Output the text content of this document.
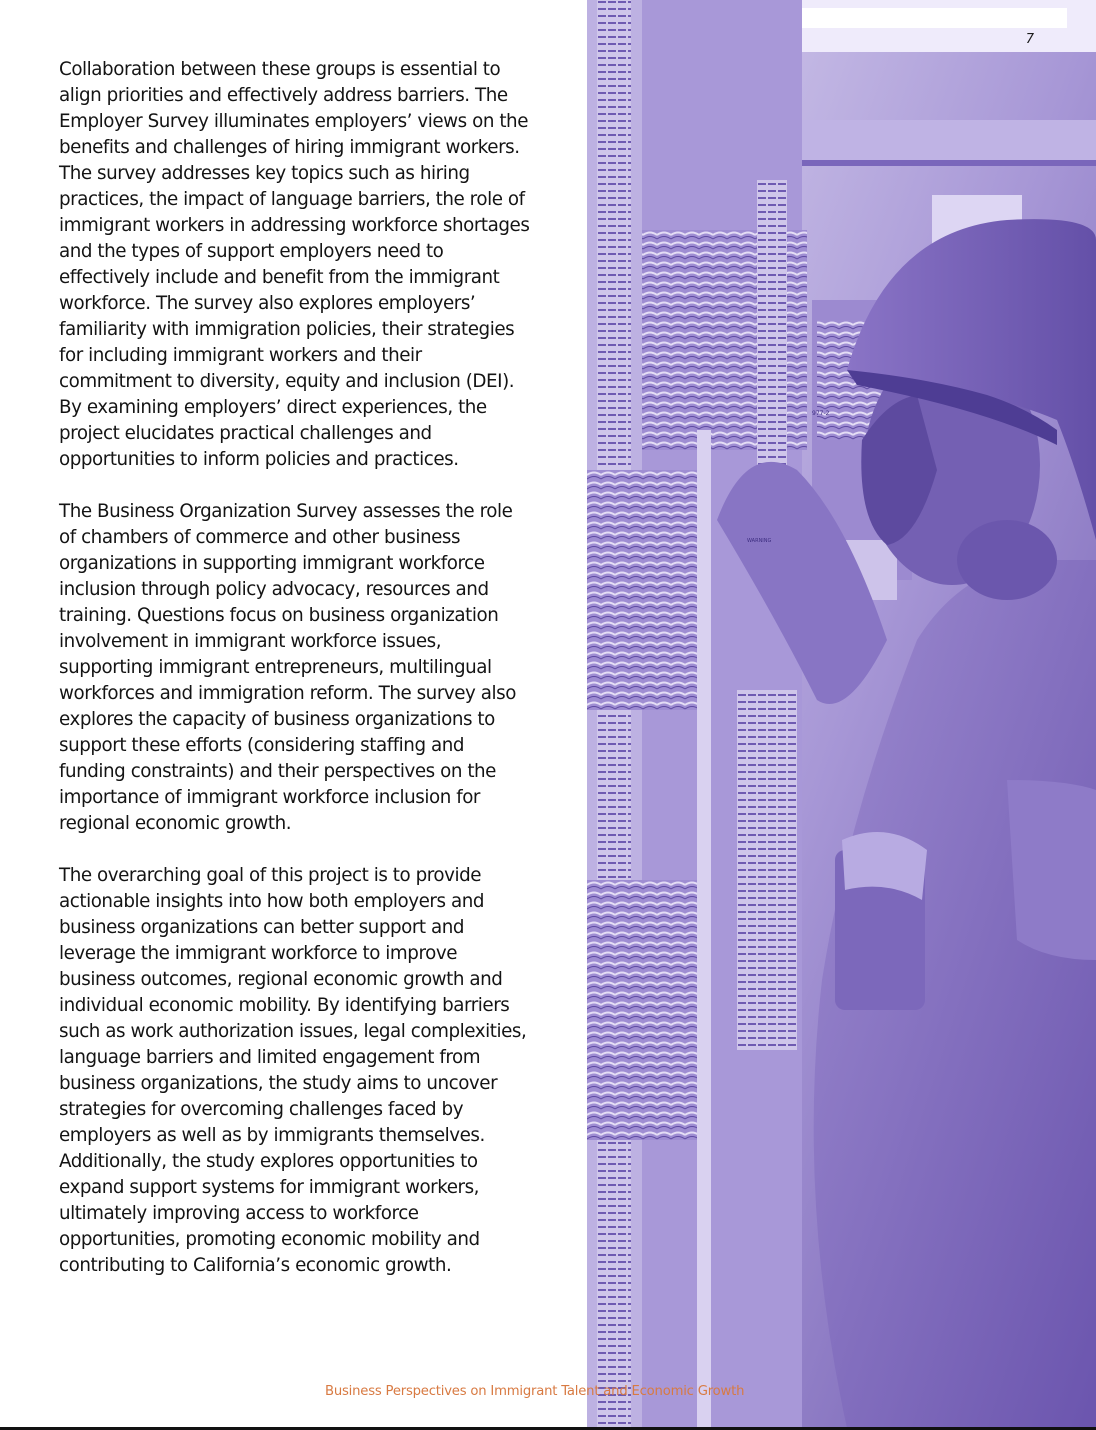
Collaboration between these groups is essential to align priorities and effectively address barriers. The Employer Survey illuminates employers’ views on the benefits and challenges of hiring immigrant workers. The survey addresses key topics such as hiring practices, the impact of language barriers, the role of immigrant workers in addressing workforce shortages and the types of support employers need to effectively include and benefit from the immigrant workforce. The survey also explores employers’ familiarity with immigration policies, their strategies for including immigrant workers and their commitment to diversity, equity and inclusion (DEI). By examining employers’ direct experiences, the project elucidates practical challenges and opportunities to inform policies and practices.

The Business Organization Survey assesses the role of chambers of commerce and other business organizations in supporting immigrant workforce inclusion through policy advocacy, resources and training. Questions focus on business organization involvement in immigrant workforce issues, supporting immigrant entrepreneurs, multilingual workforces and immigration reform. The survey also explores the capacity of business organizations to support these efforts (considering staffing and funding constraints) and their perspectives on the importance of immigrant workforce inclusion for regional economic growth.

The overarching goal of this project is to provide actionable insights into how both employers and business organizations can better support and leverage the immigrant workforce to improve business outcomes, regional economic growth and individual economic mobility. By identifying barriers such as work authorization issues, legal complexities, language barriers and limited engagement from business organizations, the study aims to uncover strategies for overcoming challenges faced by employers as well as by immigrants themselves. Additionally, the study explores opportunities to expand support systems for immigrant workers, ultimately improving access to workforce opportunities, promoting economic mobility and contributing to California’s economic growth.

977-2
WARNING
7
Business Perspectives on Immigrant Talent and Economic Growth
